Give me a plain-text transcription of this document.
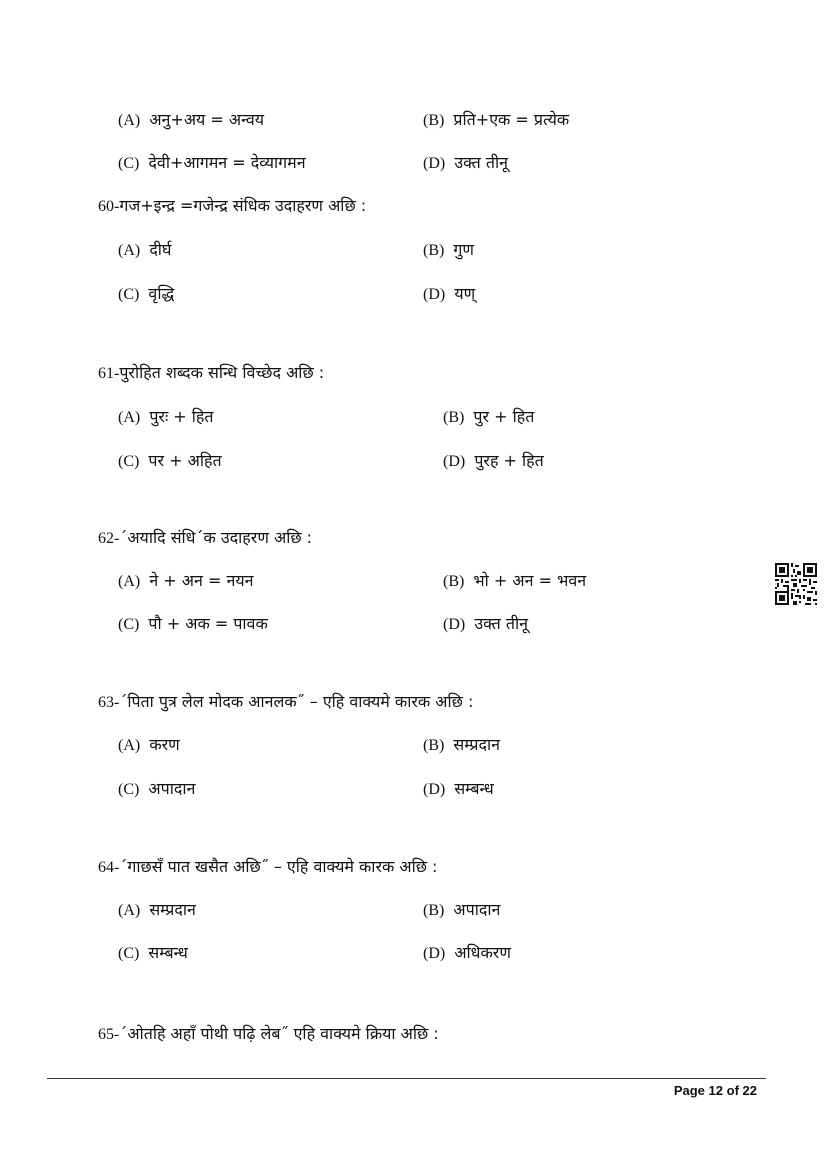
(A) अनु+अय = अन्वय	(B) प्रति+एक = प्रत्येक
(C) देवी+आगमन = देव्यागमन	(D) उक्त तीनू
60-गज+इन्द्र =गजेन्द्र संधिक उदाहरण अछि :
(A) दीर्घ	(B) गुण
(C) वृद्धि	(D) यण्
61-पुरोहित शब्दक सन्धि विच्छेद अछि :
(A) पुरः + हित	(B) पुर + हित
(C) पर + अहित	(D) पुरह + हित
62-´अयादि संधि´क उदाहरण अछि :
(A) ने + अन = नयन	(B) भो + अन = भवन
(C) पौ + अक = पावक	(D) उक्त तीनू
63-´पिता पुत्र लेल मोदक आनलक˝ – एहि वाक्यमे कारक अछि :
(A) करण	(B) सम्प्रदान
(C) अपादान	(D) सम्बन्ध
64-´गाछसँ पात खसैत अछि˝ – एहि वाक्यमे कारक अछि :
(A) सम्प्रदान	(B) अपादान
(C) सम्बन्ध	(D) अधिकरण
65-´ओतहि अहाँ पोथी पढ़ि लेब˝ एहि वाक्यमे क्रिया अछि :
Page 12 of 22
